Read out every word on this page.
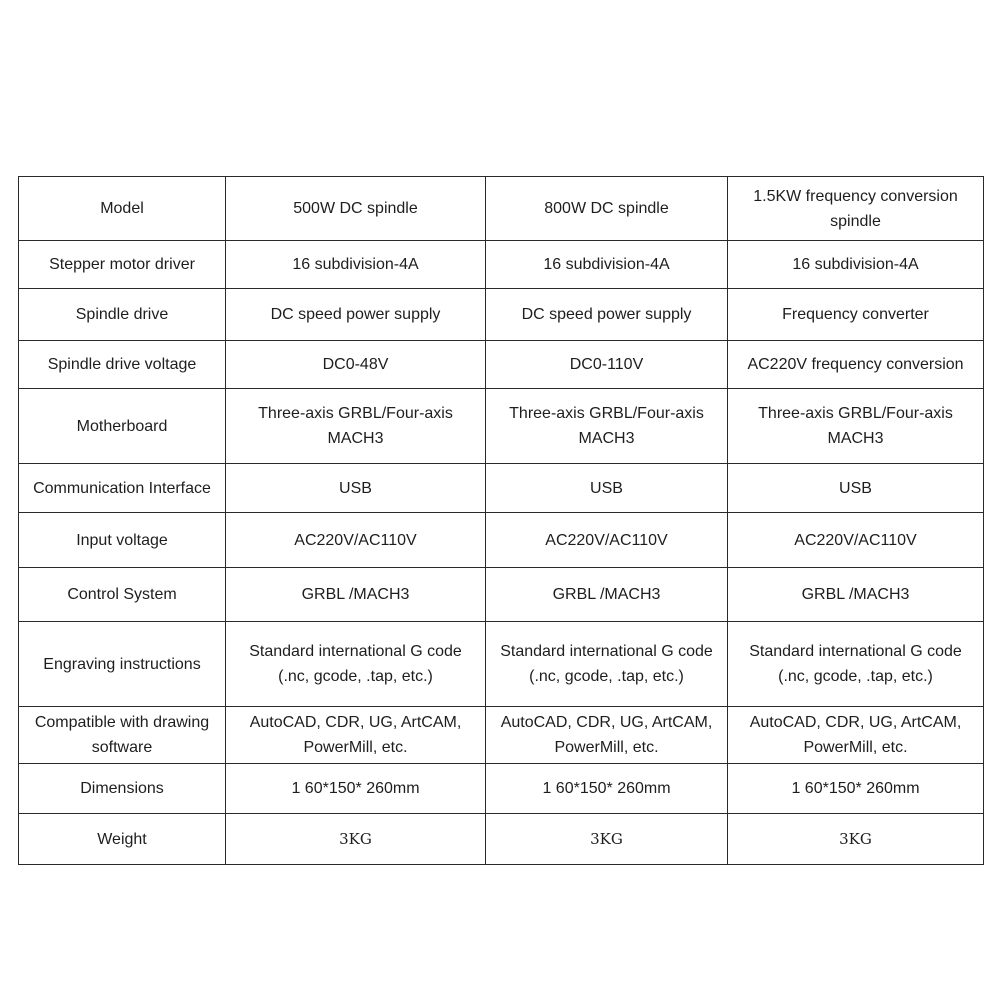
Model	500W DC spindle	800W DC spindle	1.5KW frequency conversion spindle
Stepper motor driver	16 subdivision-4A	16 subdivision-4A	16 subdivision-4A
Spindle drive	DC speed power supply	DC speed power supply	Frequency converter
Spindle drive voltage	DC0-48V	DC0-110V	AC220V frequency conversion
Motherboard	Three-axis GRBL/Four-axis MACH3	Three-axis GRBL/Four-axis MACH3	Three-axis GRBL/Four-axis MACH3
Communication Interface	USB	USB	USB
Input voltage	AC220V/AC110V	AC220V/AC110V	AC220V/AC110V
Control System	GRBL /MACH3	GRBL /MACH3	GRBL /MACH3
Engraving instructions	Standard international G code (.nc, gcode, .tap, etc.)	Standard international G code (.nc, gcode, .tap, etc.)	Standard international G code (.nc, gcode, .tap, etc.)
Compatible with drawing software	AutoCAD, CDR, UG, ArtCAM, PowerMill, etc.	AutoCAD, CDR, UG, ArtCAM, PowerMill, etc.	AutoCAD, CDR, UG, ArtCAM, PowerMill, etc.
Dimensions	1 60*150* 260mm	1 60*150* 260mm	1 60*150* 260mm
Weight	3KG	3KG	3KG
